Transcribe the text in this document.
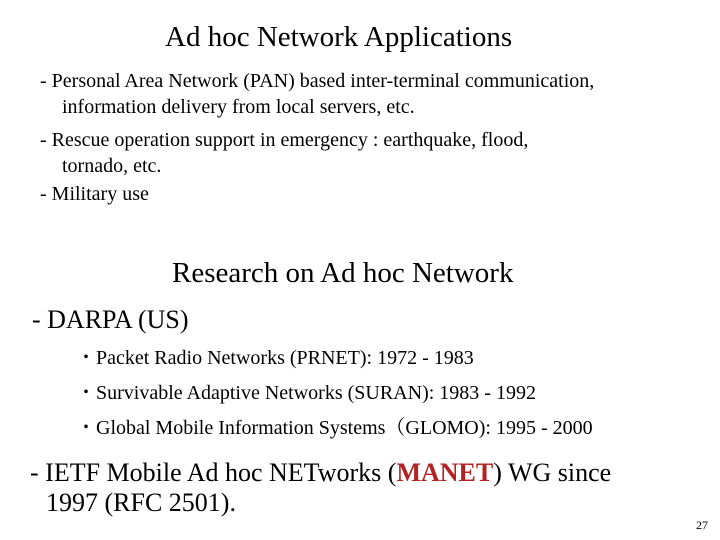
Ad hoc Network Applications
- Personal Area Network (PAN) based inter-terminal communication,
information delivery from local servers, etc.
- Rescue operation support in emergency : earthquake, flood,
tornado, etc.
- Military use
Research on Ad hoc Network
- DARPA (US)
・Packet Radio Networks (PRNET): 1972 - 1983
・Survivable Adaptive Networks (SURAN): 1983 - 1992
・Global Mobile Information Systems（GLOMO): 1995 - 2000
- IETF Mobile Ad hoc NETworks (MANET) WG since
1997 (RFC 2501).
27
